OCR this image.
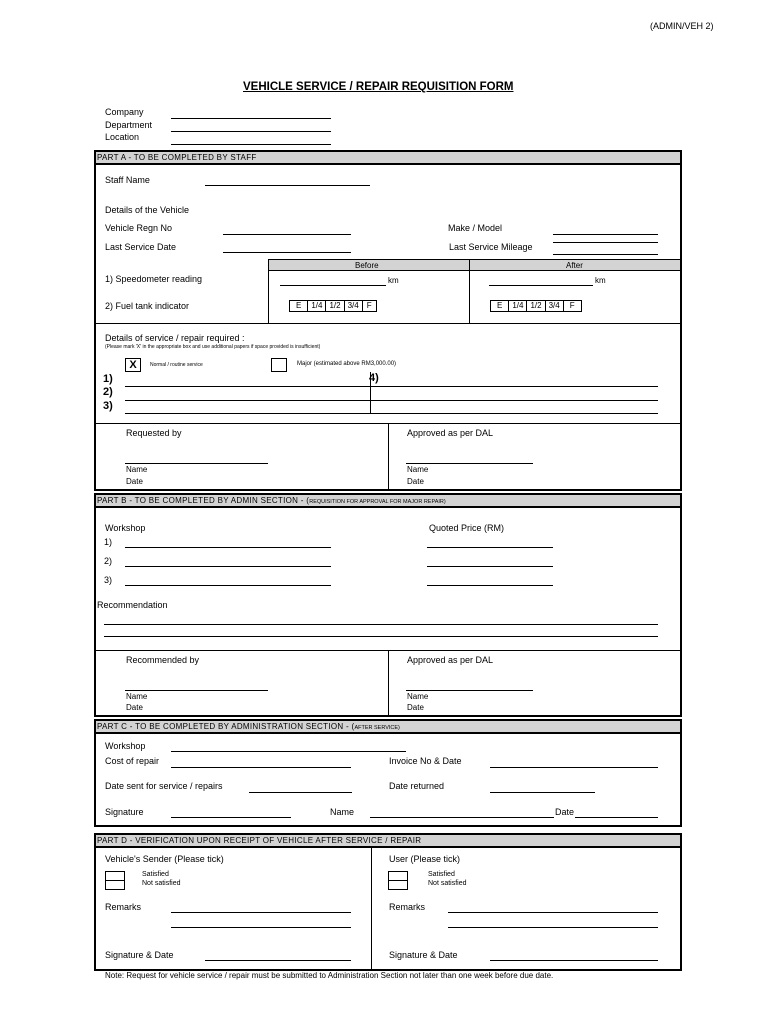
(ADMIN/VEH 2)
VEHICLE SERVICE / REPAIR REQUISITION FORM
Company
Department
Location
PART A - TO BE COMPLETED BY STAFF
Staff Name
Details of the Vehicle
Vehicle Regn No	Make / Model
Last Service Date	Last Service Mileage
Before	After
1) Speedometer reading	km	km
2) Fuel tank indicator	E	1/4 1/2 3/4	F	E	1/4 1/2 3/4	F
Details of service / repair required :
(Please mark 'X' in the appropriate box and use additional papers if space provided is insufficient)
X	Normal / routine service	Major (estimated above RM3,000.00)
1)
2)
3)
4)
Requested by
Name
Date
Approved as per DAL
Name
Date
PART B - TO BE COMPLETED BY ADMIN SECTION - (REQUISITION FOR APPROVAL FOR MAJOR REPAIR)
Workshop	Quoted Price (RM)
1)
2)
3)
Recommendation
Recommended by
Name
Date
Approved as per DAL
Name
Date
PART C - TO BE COMPLETED BY ADMINISTRATION SECTION - (AFTER SERVICE)
Workshop
Cost of repair	Invoice No & Date
Date sent for service / repairs	Date returned
Signature	Name	Date
PART D - VERIFICATION UPON RECEIPT OF VEHICLE AFTER SERVICE / REPAIR
Vehicle's Sender (Please tick)
Satisfied
Not satisfied
Remarks
Signature & Date
User (Please tick)
Satisfied
Not satisfied
Remarks
Signature & Date
Note: Request for vehicle service / repair must be submitted to Administration Section not later than one week before due date.
